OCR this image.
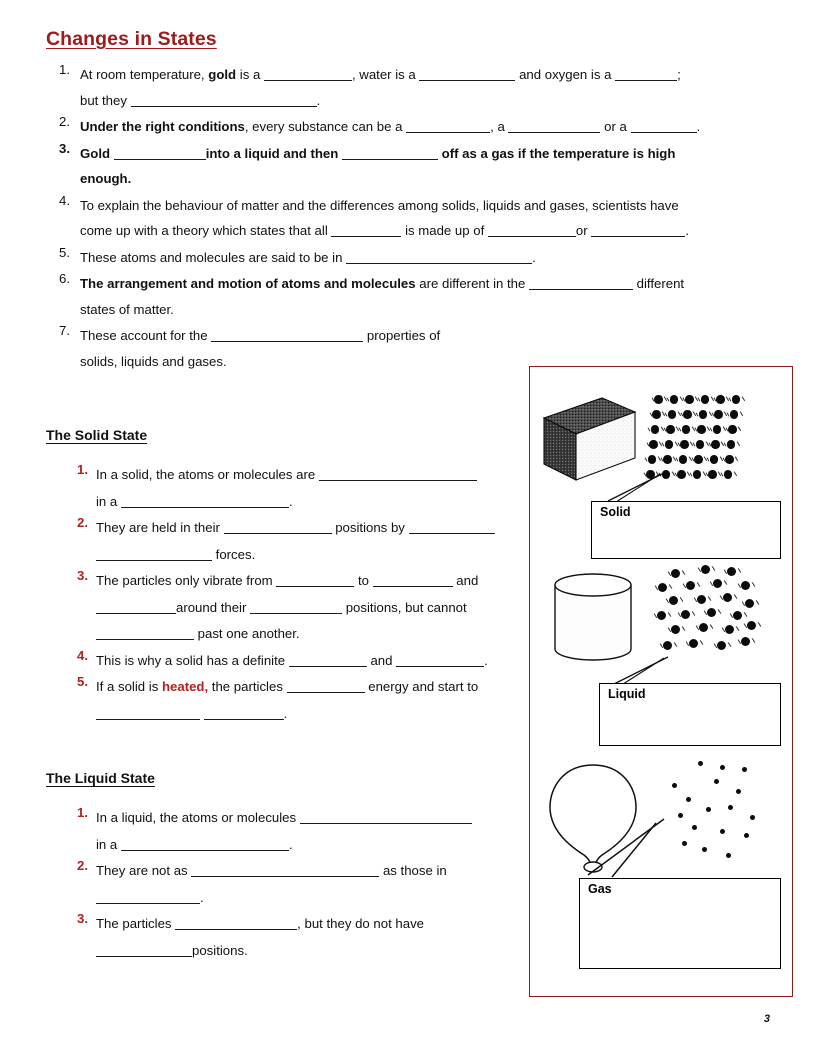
Changes in States
1. At room temperature, gold is a	, water is a	and oxygen is a	;
but they	.
2. Under the right conditions, every substance can be a	, a	or a	.
3. Gold	into a liquid and then	off as a gas if the temperature is high
enough.
4. To explain the behaviour of matter and the differences among solids, liquids and gases, scientists have
come up with a theory which states that all	is made up of	or	.
5. These atoms and molecules are said to be in	.
6. The arrangement and motion of atoms and molecules are different in the	different
states of matter.
7. These account for the	properties of
solids, liquids and gases.
The Solid State
1. In a solid, the atoms or molecules are
in a	.
2. They are held in their	positions by
forces.
3. The particles only vibrate from	to	and
around their	positions, but cannot
past one another.
4. This is why a solid has a definite	and	.
5. If a solid is heated, the particles	energy and start to
.
The Liquid State
1. In a liquid, the atoms or molecules
in a	.
2. They are not as	as those in
.
3. The particles	, but they do not have
positions.
Solid
Liquid
Gas
3
